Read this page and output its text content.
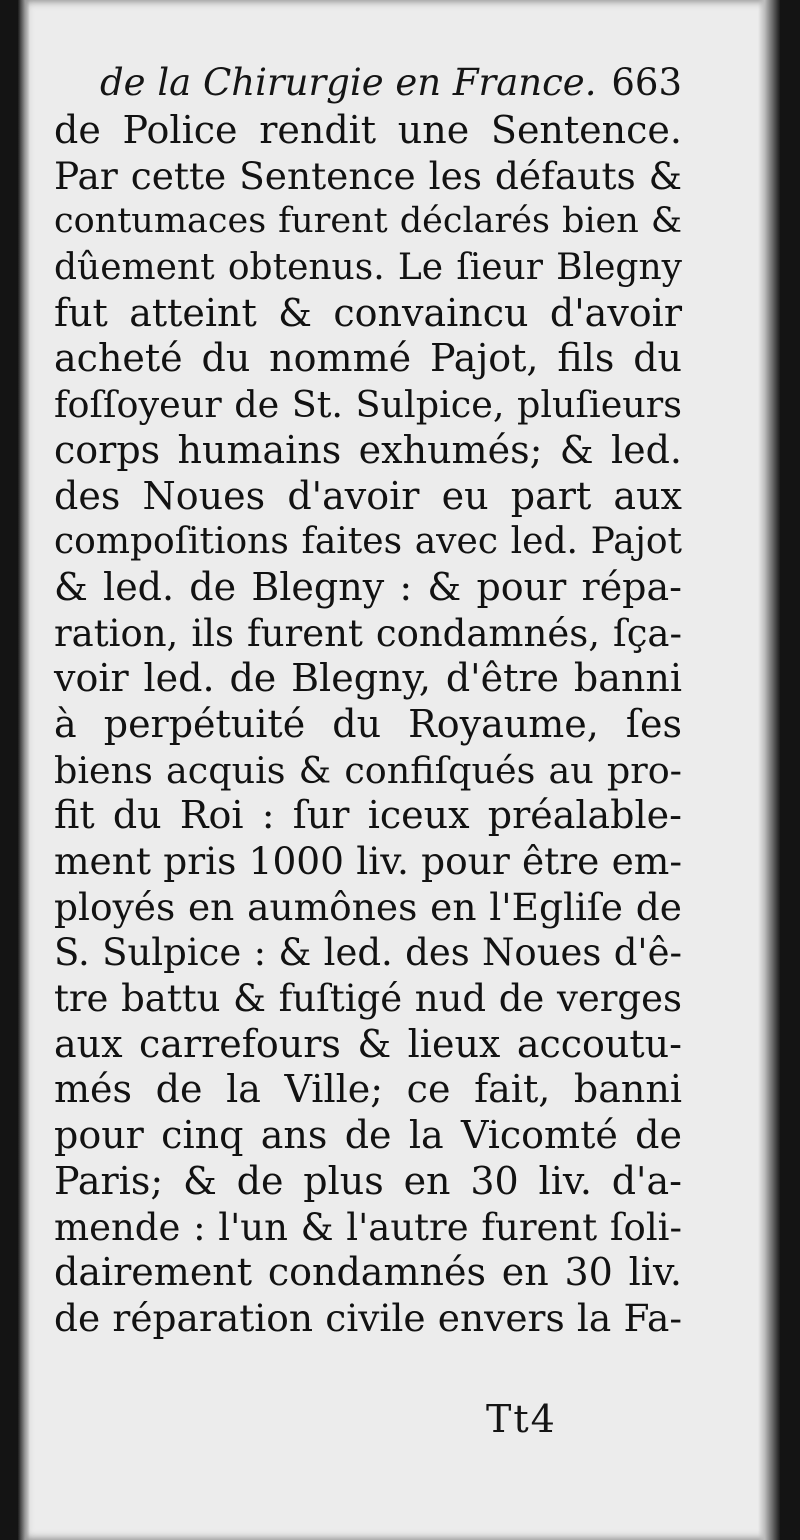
de la Chirurgie en France. 663
de Police rendit une Sentence.
Par cette Sentence les défauts &
contumaces furent déclarés bien &
dûement obtenus. Le ſieur Blegny
fut atteint & convaincu d'avoir
acheté du nommé Pajot, fils du
foſſoyeur de St. Sulpice, pluſieurs
corps humains exhumés; & led.
des Noues d'avoir eu part aux
compoſitions faites avec led. Pajot
& led. de Blegny : & pour répa-
ration, ils furent condamnés, ſça-
voir led. de Blegny, d'être banni
à perpétuité du Royaume, ſes
biens acquis & confiſqués au pro-
fit du Roi : ſur iceux préalable-
ment pris 1000 liv. pour être em-
ployés en aumônes en l'Egliſe de
S. Sulpice : & led. des Noues d'ê-
tre battu & fuſtigé nud de verges
aux carrefours & lieux accoutu-
més de la Ville; ce fait, banni
pour cinq ans de la Vicomté de
Paris; & de plus en 30 liv. d'a-
mende : l'un & l'autre furent ſoli-
dairement condamnés en 30 liv.
de réparation civile envers la Fa-
Tt4
